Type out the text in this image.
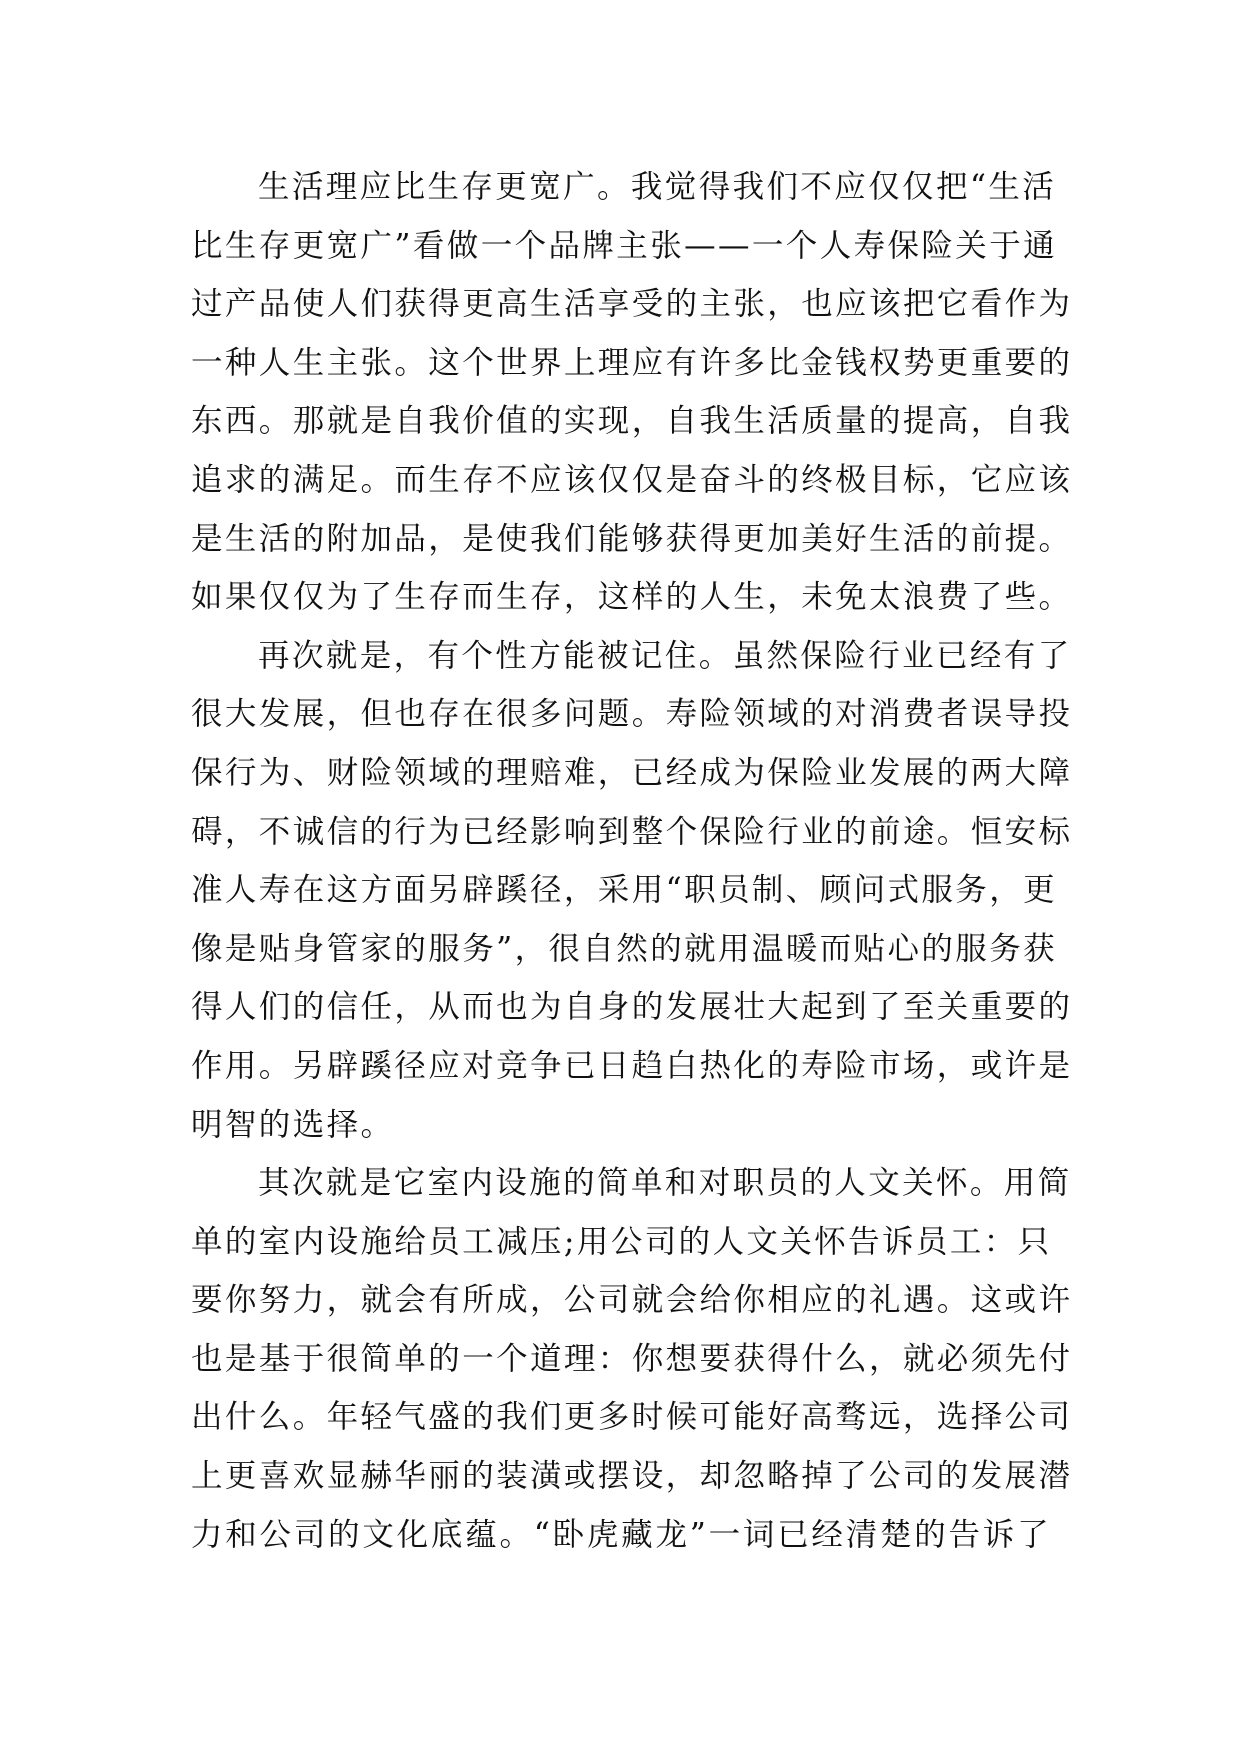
生活理应比生存更宽广。我觉得我们不应仅仅把“生活
比生存更宽广”看做一个品牌主张——一个人寿保险关于通
过产品使人们获得更高生活享受的主张，也应该把它看作为
一种人生主张。这个世界上理应有许多比金钱权势更重要的
东西。那就是自我价值的实现，自我生活质量的提高，自我
追求的满足。而生存不应该仅仅是奋斗的终极目标，它应该
是生活的附加品，是使我们能够获得更加美好生活的前提。
如果仅仅为了生存而生存，这样的人生，未免太浪费了些。
再次就是，有个性方能被记住。虽然保险行业已经有了
很大发展，但也存在很多问题。寿险领域的对消费者误导投
保行为、财险领域的理赔难，已经成为保险业发展的两大障
碍，不诚信的行为已经影响到整个保险行业的前途。恒安标
准人寿在这方面另辟蹊径，采用“职员制、顾问式服务，更
像是贴身管家的服务”，很自然的就用温暖而贴心的服务获
得人们的信任，从而也为自身的发展壮大起到了至关重要的
作用。另辟蹊径应对竞争已日趋白热化的寿险市场，或许是
明智的选择。
其次就是它室内设施的简单和对职员的人文关怀。用简
单的室内设施给员工减压;用公司的人文关怀告诉员工：只
要你努力，就会有所成，公司就会给你相应的礼遇。这或许
也是基于很简单的一个道理：你想要获得什么，就必须先付
出什么。年轻气盛的我们更多时候可能好高骛远，选择公司
上更喜欢显赫华丽的装潢或摆设，却忽略掉了公司的发展潜
力和公司的文化底蕴。“卧虎藏龙”一词已经清楚的告诉了
